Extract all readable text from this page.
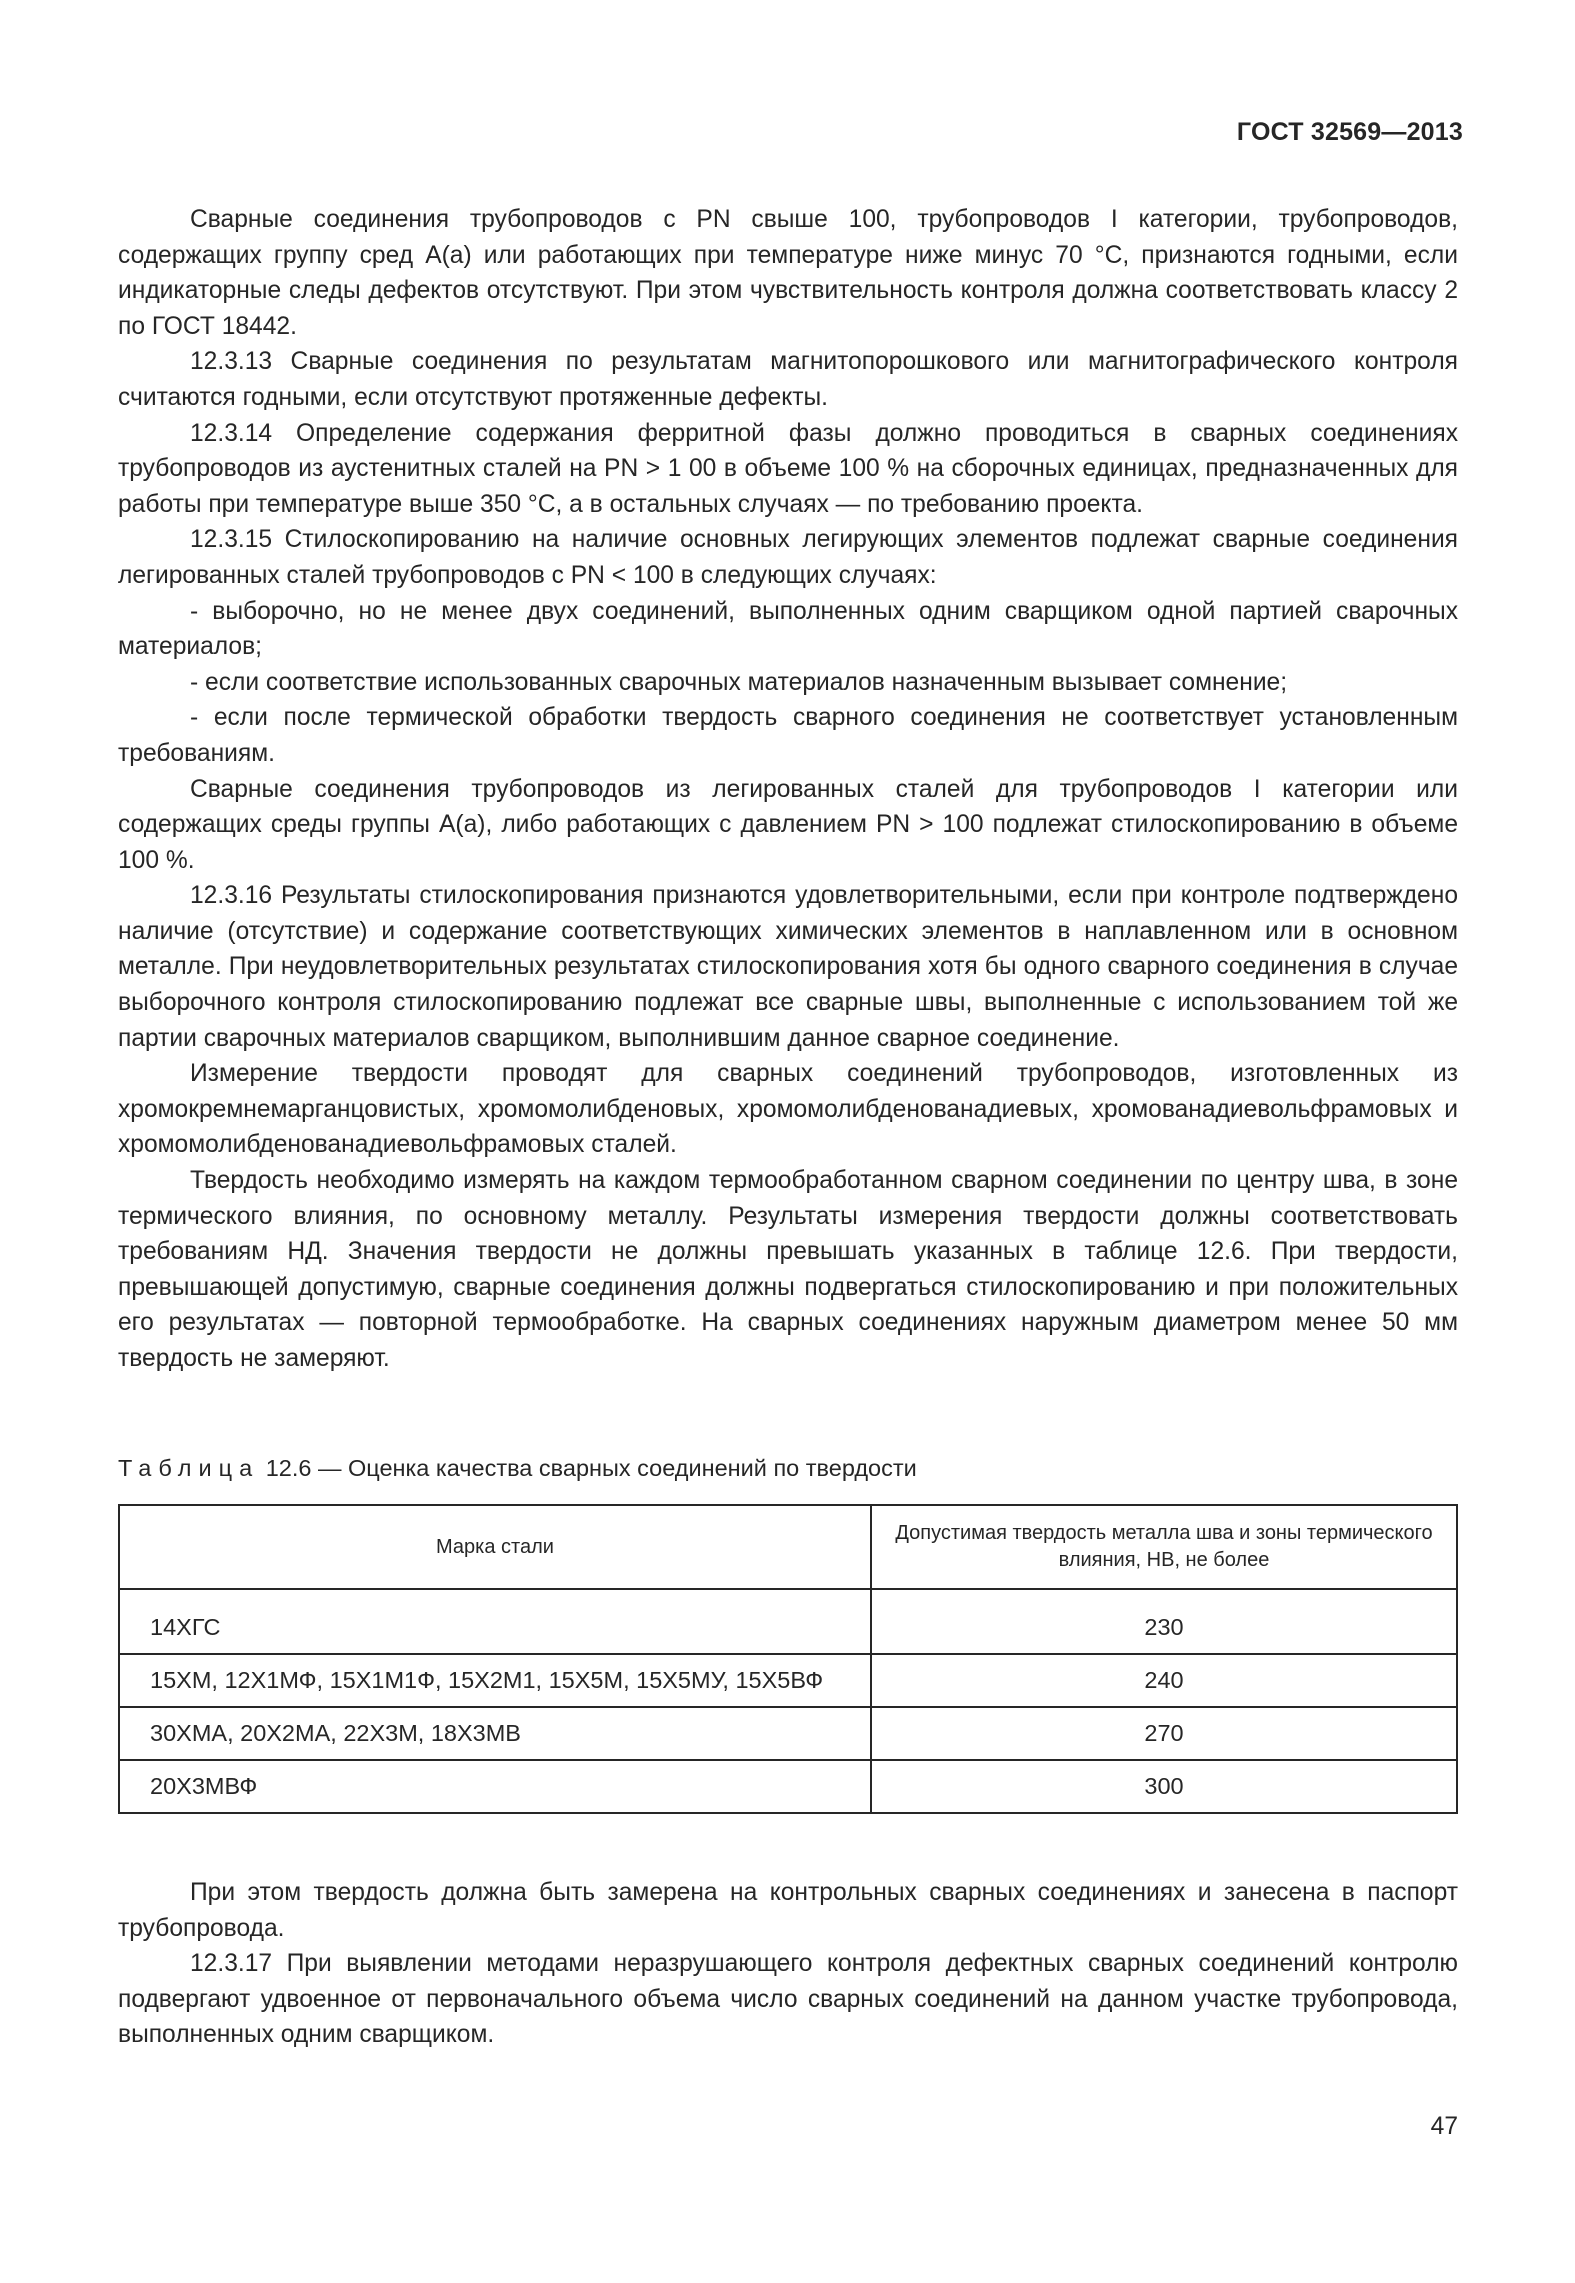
ГОСТ 32569—2013

Сварные соединения трубопроводов с PN свыше 100, трубопроводов I категории, трубопроводов, содержащих группу сред А(а) или работающих при температуре ниже минус 70 °С, признаются годными, если индикаторные следы дефектов отсутствуют. При этом чувствительность контроля должна соответствовать классу 2 по ГОСТ 18442.

12.3.13 Сварные соединения по результатам магнитопорошкового или магнитографического контроля считаются годными, если отсутствуют протяженные дефекты.

12.3.14 Определение содержания ферритной фазы должно проводиться в сварных соединениях трубопроводов из аустенитных сталей на PN > 1 00 в объеме 100 % на сборочных единицах, предназначенных для работы при температуре выше 350 °С, а в остальных случаях — по требованию проекта.

12.3.15 Стилоскопированию на наличие основных легирующих элементов подлежат сварные соединения легированных сталей трубопроводов с PN < 100 в следующих случаях:

- выборочно, но не менее двух соединений, выполненных одним сварщиком одной партией сварочных материалов;

- если соответствие использованных сварочных материалов назначенным вызывает сомнение;

- если после термической обработки твердость сварного соединения не соответствует установленным требованиям.

Сварные соединения трубопроводов из легированных сталей для трубопроводов I категории или содержащих среды группы А(а), либо работающих с давлением PN > 100 подлежат стилоскопированию в объеме 100 %.

12.3.16 Результаты стилоскопирования признаются удовлетворительными, если при контроле подтверждено наличие (отсутствие) и содержание соответствующих химических элементов в наплавленном или в основном металле. При неудовлетворительных результатах стилоскопирования хотя бы одного сварного соединения в случае выборочного контроля стилоскопированию подлежат все сварные швы, выполненные с использованием той же партии сварочных материалов сварщиком, выполнившим данное сварное соединение.

Измерение твердости проводят для сварных соединений трубопроводов, изготовленных из хромокремнемарганцовистых, хромомолибденовых, хромомолибденованадиевых, хромованадиевольфрамовых и хромомолибденованадиевольфрамовых сталей.

Твердость необходимо измерять на каждом термообработанном сварном соединении по центру шва, в зоне термического влияния, по основному металлу. Результаты измерения твердости должны соответствовать требованиям НД. Значения твердости не должны превышать указанных в таблице 12.6. При твердости, превышающей допустимую, сварные соединения должны подвергаться стилоскопированию и при положительных его результатах — повторной термообработке. На сварных соединениях наружным диаметром менее 50 мм твердость не замеряют.

Таблица 12.6 — Оценка качества сварных соединений по твердости
Марка стали	Допустимая твердость металла шва и зоны термического влияния, НВ, не более
14ХГС	230
15ХМ, 12Х1МФ, 15Х1М1Ф, 15Х2М1, 15Х5М, 15Х5МУ, 15Х5ВФ	240
30ХМА, 20Х2МА, 22Х3М, 18Х3МВ	270
20Х3МВФ	300

При этом твердость должна быть замерена на контрольных сварных соединениях и занесена в паспорт трубопровода.

12.3.17 При выявлении методами неразрушающего контроля дефектных сварных соединений контролю подвергают удвоенное от первоначального объема число сварных соединений на данном участке трубопровода, выполненных одним сварщиком.

47
